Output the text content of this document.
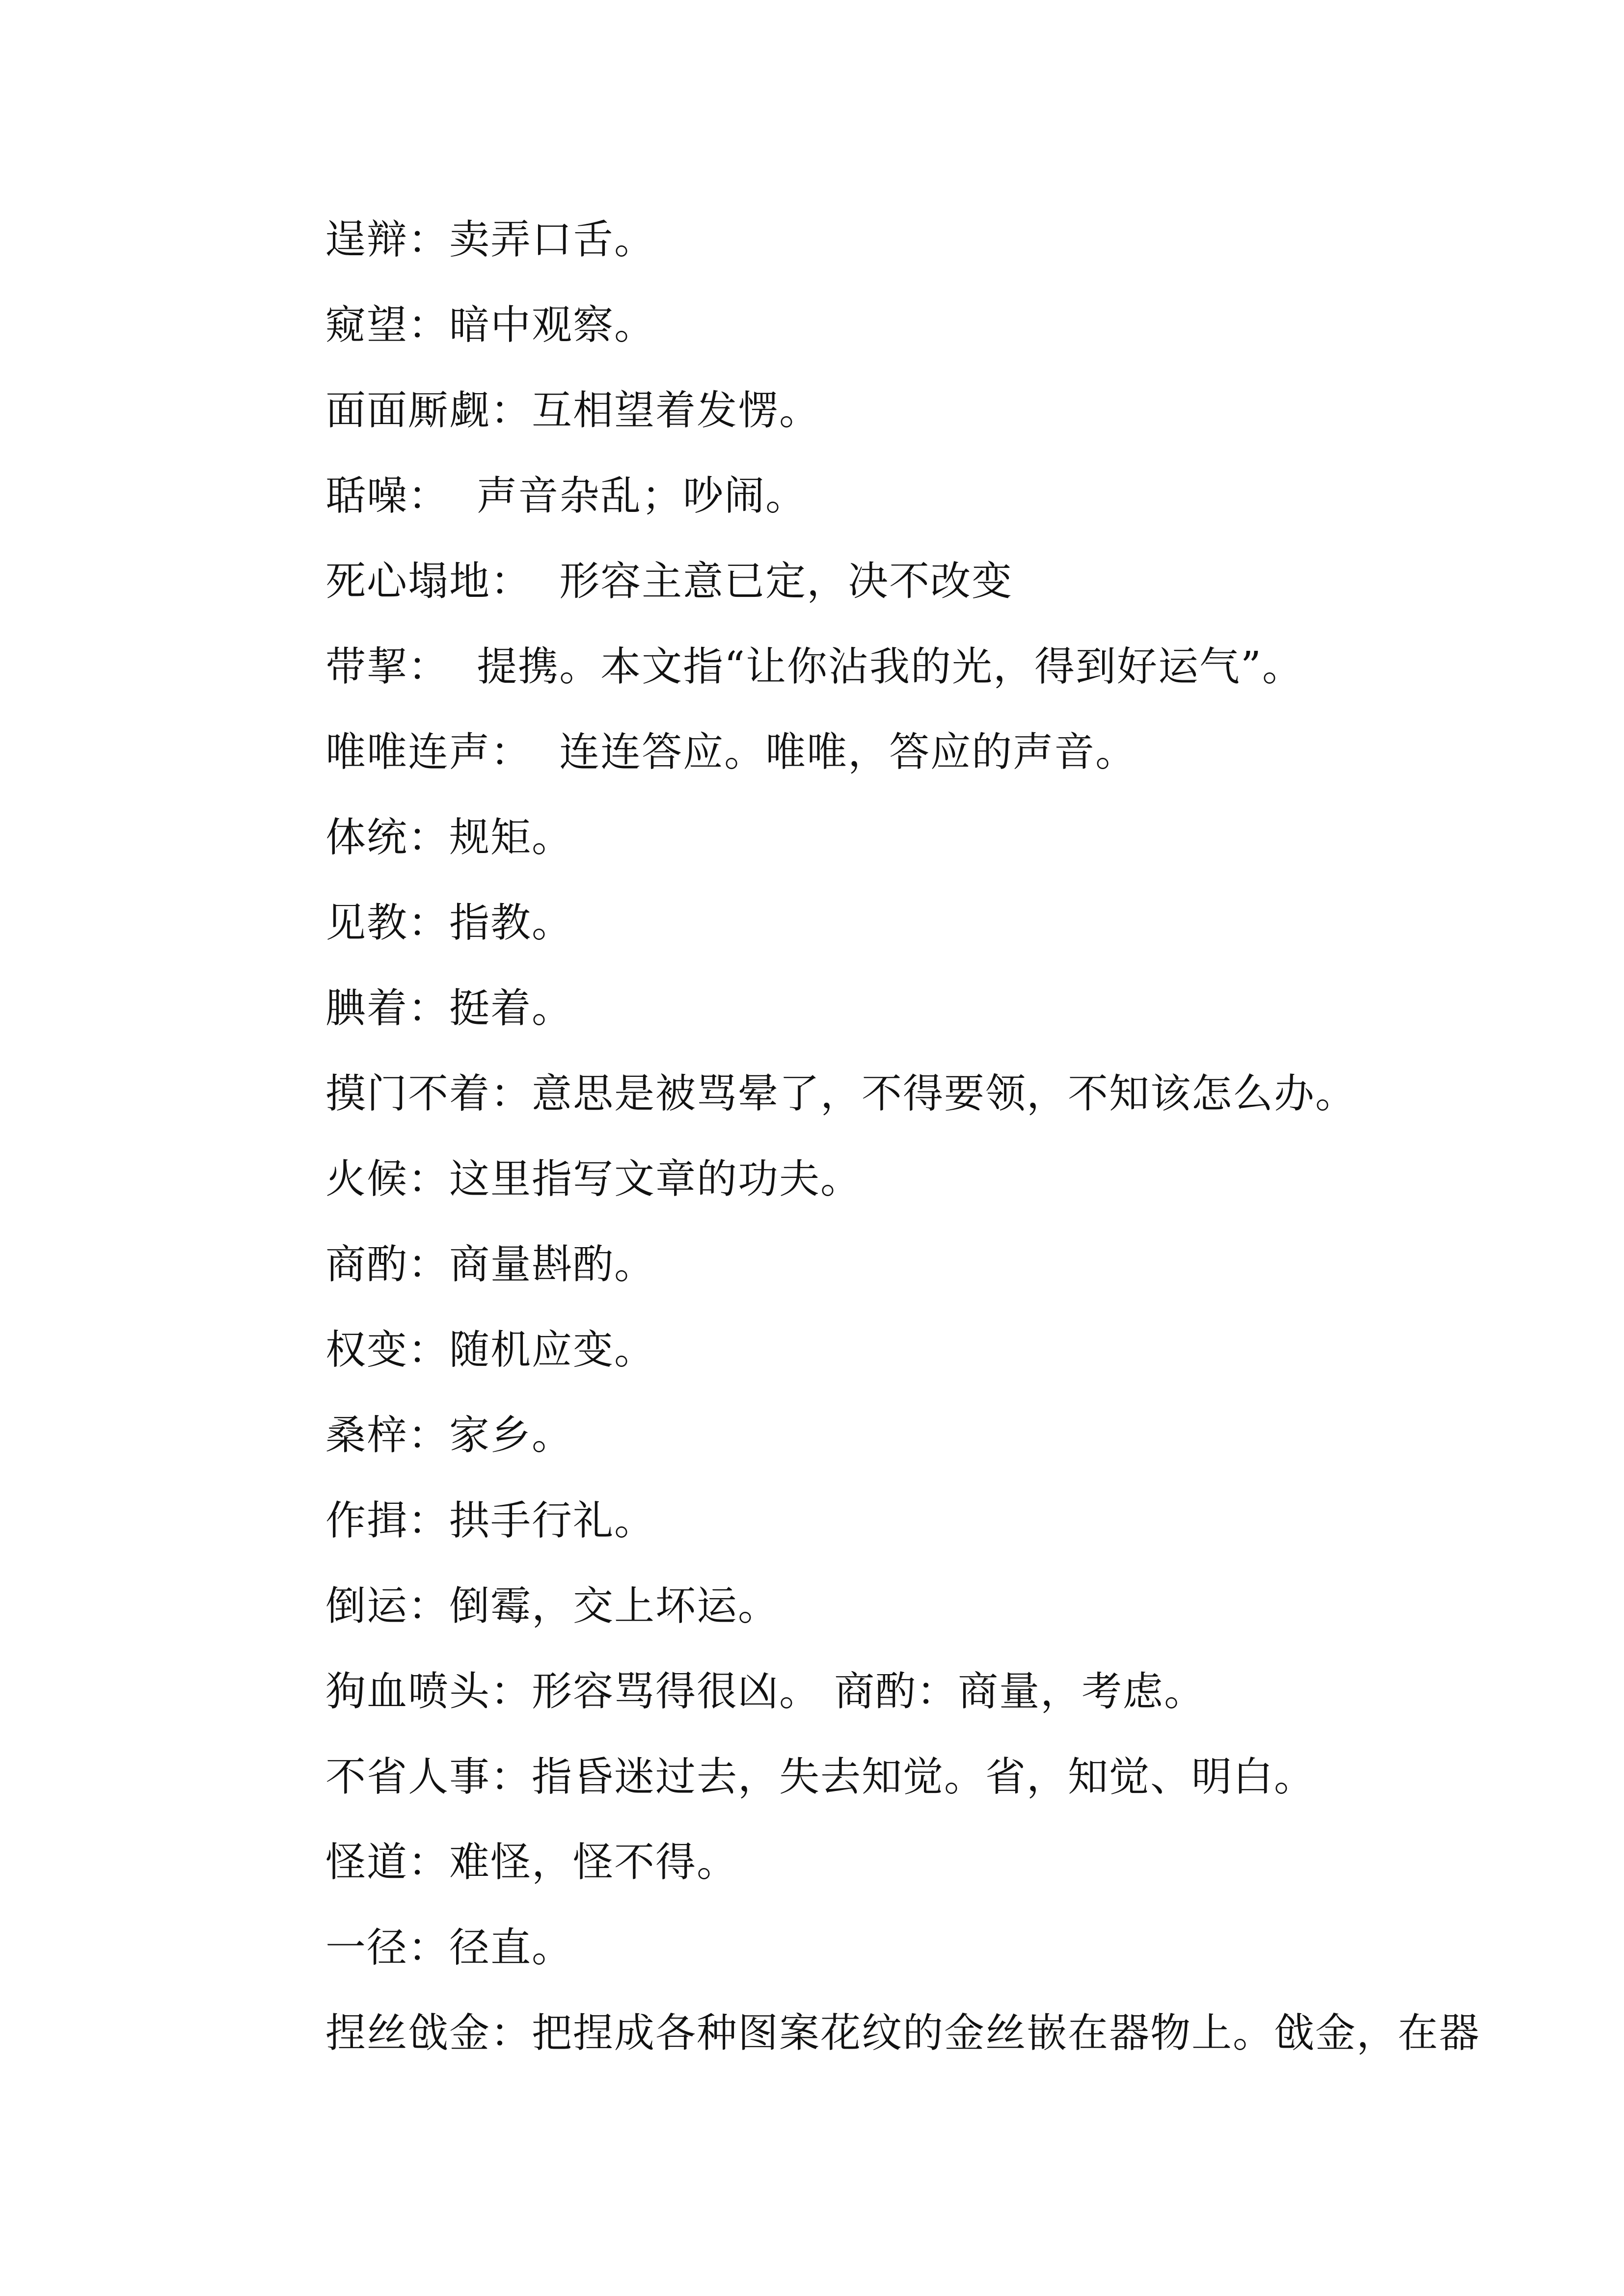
逞辩：卖弄口舌。
窥望：暗中观察。
面面厮觑：互相望着发愣。
聒噪：  声音杂乱；吵闹。
死心塌地：  形容主意已定，决不改变
带挈：  提携。本文指“让你沾我的光，得到好运气”。
唯唯连声：  连连答应。唯唯，答应的声音。
体统：规矩。
见教：指教。
腆着：挺着。
摸门不着：意思是被骂晕了，不得要领，不知该怎么办。
火候：这里指写文章的功夫。
商酌：商量斟酌。
权变：随机应变。
桑梓：家乡。
作揖：拱手行礼。
倒运：倒霉，交上坏运。
狗血喷头：形容骂得很凶。 商酌：商量，考虑。
不省人事：指昏迷过去，失去知觉。省，知觉、明白。
怪道：难怪，怪不得。
一径：径直。
捏丝戗金：把捏成各种图案花纹的金丝嵌在器物上。戗金，在器
